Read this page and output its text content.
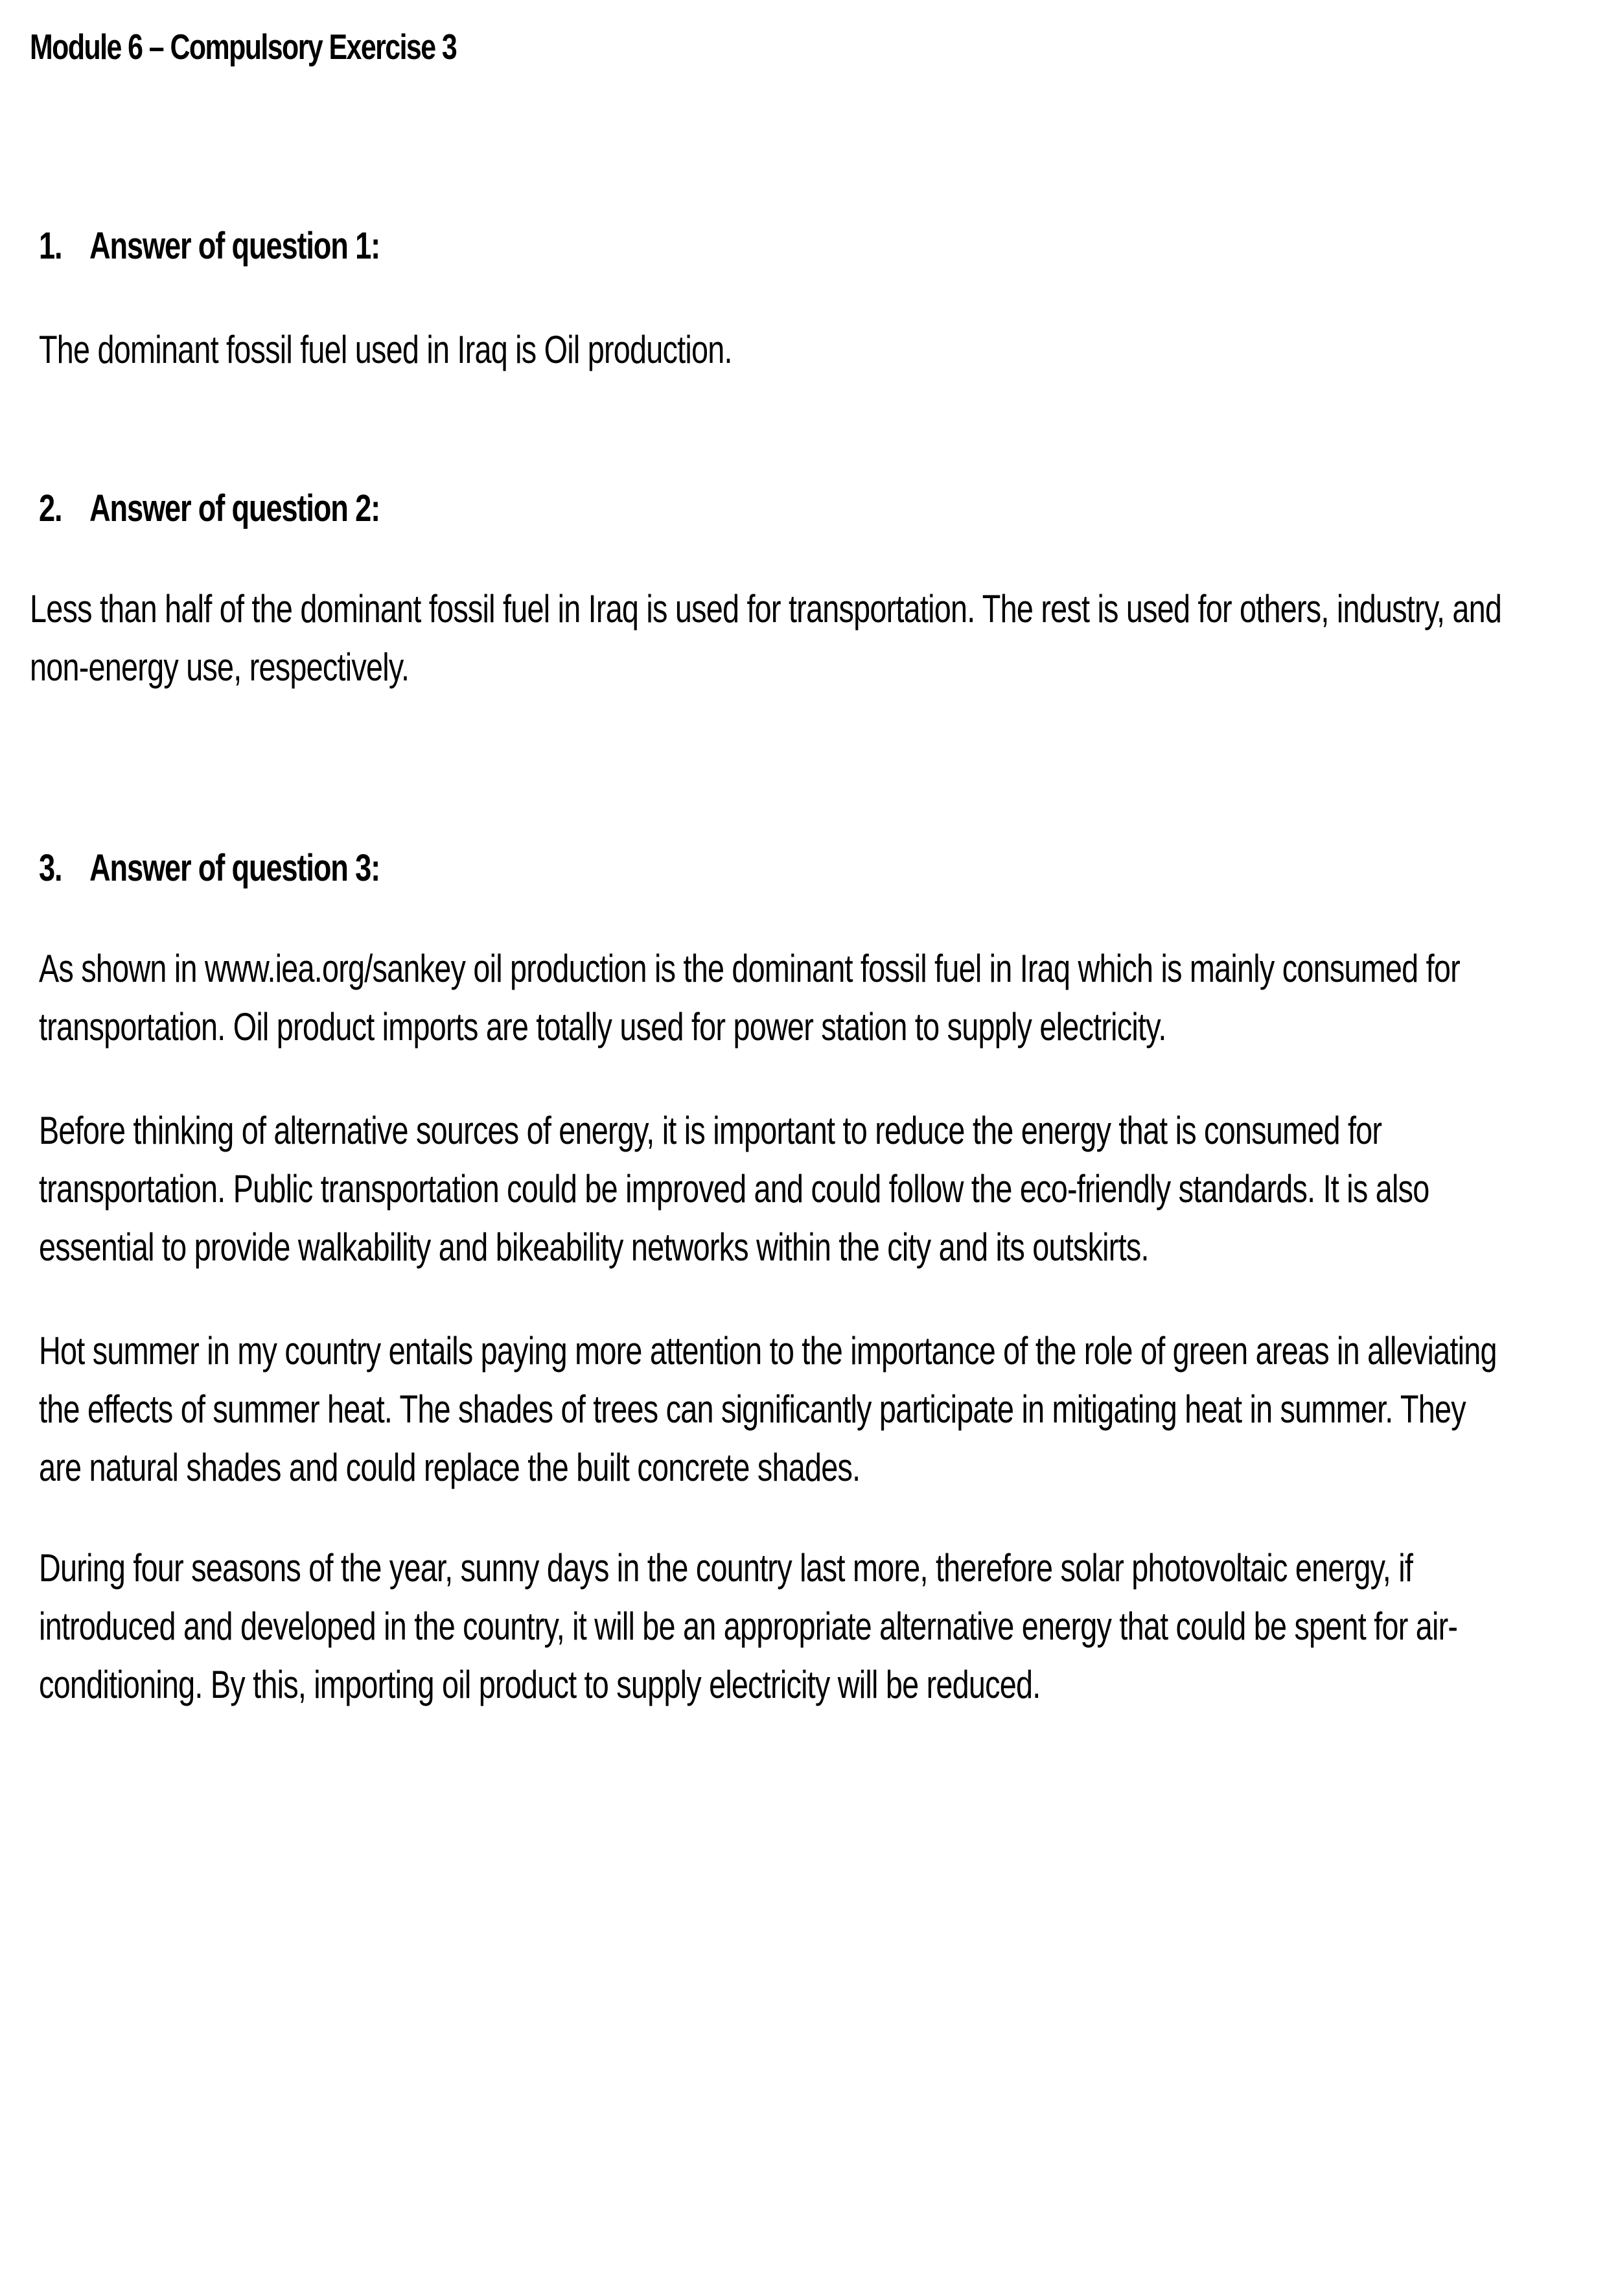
Module 6 – Compulsory Exercise 3
1. Answer of question 1:

The dominant fossil fuel used in Iraq is Oil production.

2. Answer of question 2:

Less than half of the dominant fossil fuel in Iraq is used for transportation. The rest is used for others, industry, and non-energy use, respectively.

3. Answer of question 3:

As shown in www.iea.org/sankey oil production is the dominant fossil fuel in Iraq which is mainly consumed for transportation. Oil product imports are totally used for power station to supply electricity.

Before thinking of alternative sources of energy, it is important to reduce the energy that is consumed for transportation. Public transportation could be improved and could follow the eco-friendly standards. It is also essential to provide walkability and bikeability networks within the city and its outskirts.

Hot summer in my country entails paying more attention to the importance of the role of green areas in alleviating the effects of summer heat. The shades of trees can significantly participate in mitigating heat in summer. They are natural shades and could replace the built concrete shades.

During four seasons of the year, sunny days in the country last more, therefore solar photovoltaic energy, if introduced and developed in the country, it will be an appropriate alternative energy that could be spent for air-conditioning. By this, importing oil product to supply electricity will be reduced.
